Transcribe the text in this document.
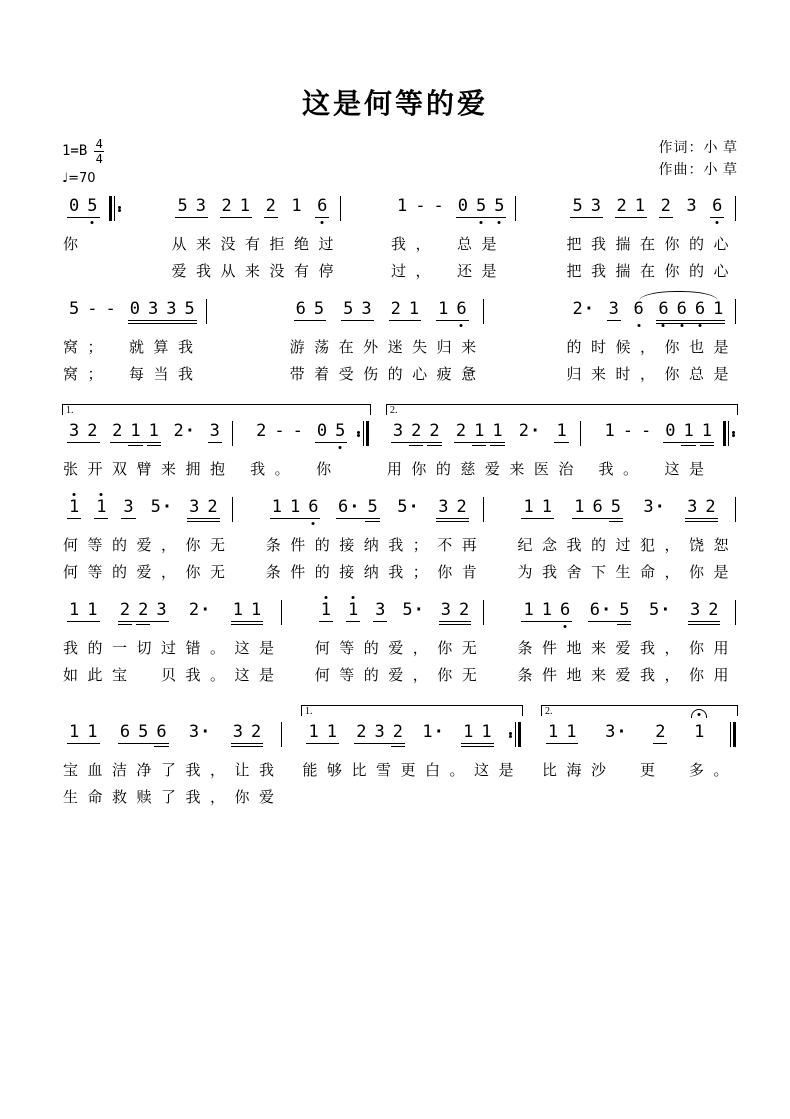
这是何等的爱
$1=B \frac{4}{4}$
♩=70
作词：小 草
作曲：小 草
0 5
你
5 3 2 1 2 1 6
从来没有拒绝过
爱我从来没有停
1 - - 0 5 5
我，　总是
过，　还是
5 3 2 1 2 3 6
把我揣在你的心
把我揣在你的心
5 - - 0 3 3 5
窝；　就算我
窝；　每当我
6 5 5 3 2 1 1 6
游荡在外迷失归来
带着受伤的心疲惫
2· 3 6 6 6 6 1
的时候，你也是
归来时，你总是
3 2 2 1 1 2· 3
张开双臂来拥抱
2 - - 0 5
我。　你
3 2 2 2 1 1 2· 1
用你的慈爱来医治
1 - - 0 1 1
我。　这是
1.	2.
1 1 3 5· 3 2
何等的爱，你无
何等的爱，你无
1 1 6 6· 5 5· 3 2
条件的接纳我；不再
条件的接纳我；你肯
1 1 1 6 5 3· 3 2
纪念我的过犯，饶恕
为我舍下生命，你是
1 1 2 2 3 2· 1 1
我的一切过错。这是
如此宝　贝我。这是
1 1 3 5· 3 2
何等的爱，你无
何等的爱，你无
1 1 6 6· 5 5· 3 2
条件地来爱我，你用
条件地来爱我，你用
1 1 6 5 6 3· 3 2
宝血洁净了我，让我
生命救赎了我，你爱
1 1 2 3 2 1· 1 1
能够比雪更白。这是
1 1 3· 2 1
比海沙　更　多。
1.	2.
